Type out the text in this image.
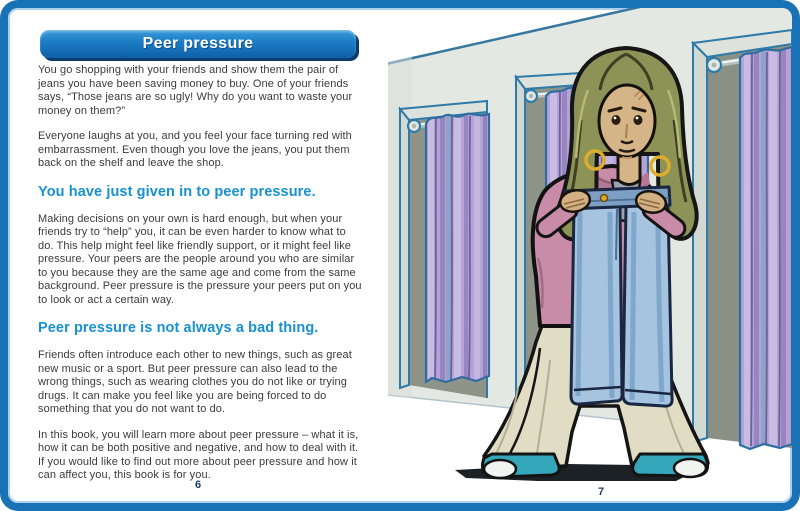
Peer pressure

You go shopping with your friends and show them the pair of jeans you have been saving money to buy. One of your friends says, “Those jeans are so ugly! Why do you want to waste your money on them?”

Everyone laughs at you, and you feel your face turning red with embarrassment. Even though you love the jeans, you put them back on the shelf and leave the shop.

You have just given in to peer pressure.

Making decisions on your own is hard enough, but when your friends try to “help” you, it can be even harder to know what to do. This help might feel like friendly support, or it might feel like pressure. Your peers are the people around you who are similar to you because they are the same age and come from the same background. Peer pressure is the pressure your peers put on you to look or act a certain way.

Peer pressure is not always a bad thing.

Friends often introduce each other to new things, such as great new music or a sport. But peer pressure can also lead to the wrong things, such as wearing clothes you do not like or trying drugs. It can make you feel like you are being forced to do something that you do not want to do.

In this book, you will learn more about peer pressure – what it is, how it can be both positive and negative, and how to deal with it. If you would like to find out more about peer pressure and how it can affect you, this book is for you.

6
7
